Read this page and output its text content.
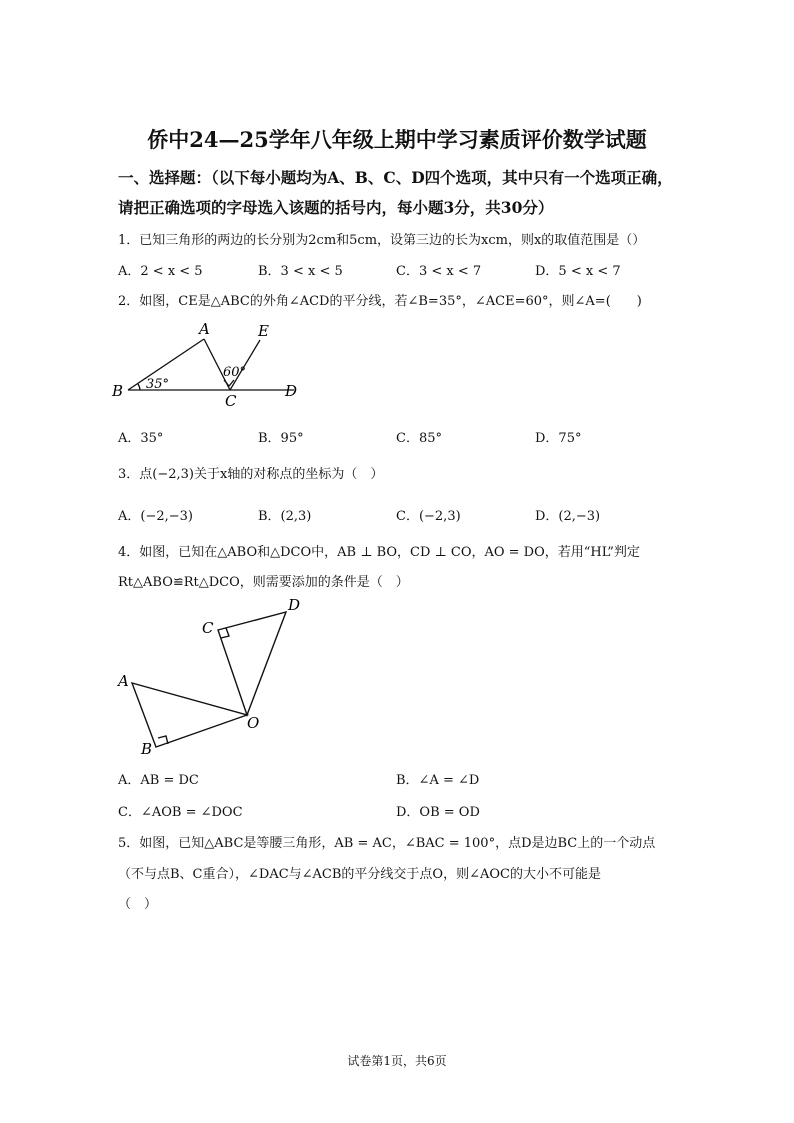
侨中24—25学年八年级上期中学习素质评价数学试题
一、选择题：（以下每小题均为A、B、C、D四个选项，其中只有一个选项正确，
请把正确选项的字母选入该题的括号内，每小题3分，共30分）
1．已知三角形的两边的长分别为2cm和5cm，设第三边的长为xcm，则x的取值范围是（）
A．2 < x < 5	B．3 < x < 5	C．3 < x < 7	D．5 < x < 7
2．如图，CE是△ABC的外角∠ACD的平分线，若∠B=35°，∠ACE=60°，则∠A=(　　)
B
A	E
C
D
35°
60°
A．35°	B．95°	C．85°	D．75°
3．点(−2,3)关于x轴的对称点的坐标为（　）
A．(−2,−3)	B．(2,3)	C．(−2,3)	D．(2,−3)
4．如图，已知在△ABO和△DCO中，AB ⊥ BO，CD ⊥ CO，AO = DO，若用“HL”判定
Rt△ABO≌Rt△DCO，则需要添加的条件是（　）
A
B
C
D
O
A．AB = DC	B．∠A = ∠D
C．∠AOB = ∠DOC	D．OB = OD
5．如图，已知△ABC是等腰三角形，AB = AC，∠BAC = 100°，点D是边BC上的一个动点
（不与点B、C重合），∠DAC与∠ACB的平分线交于点O，则∠AOC的大小不可能是
（　）
试卷第1页，共6页
